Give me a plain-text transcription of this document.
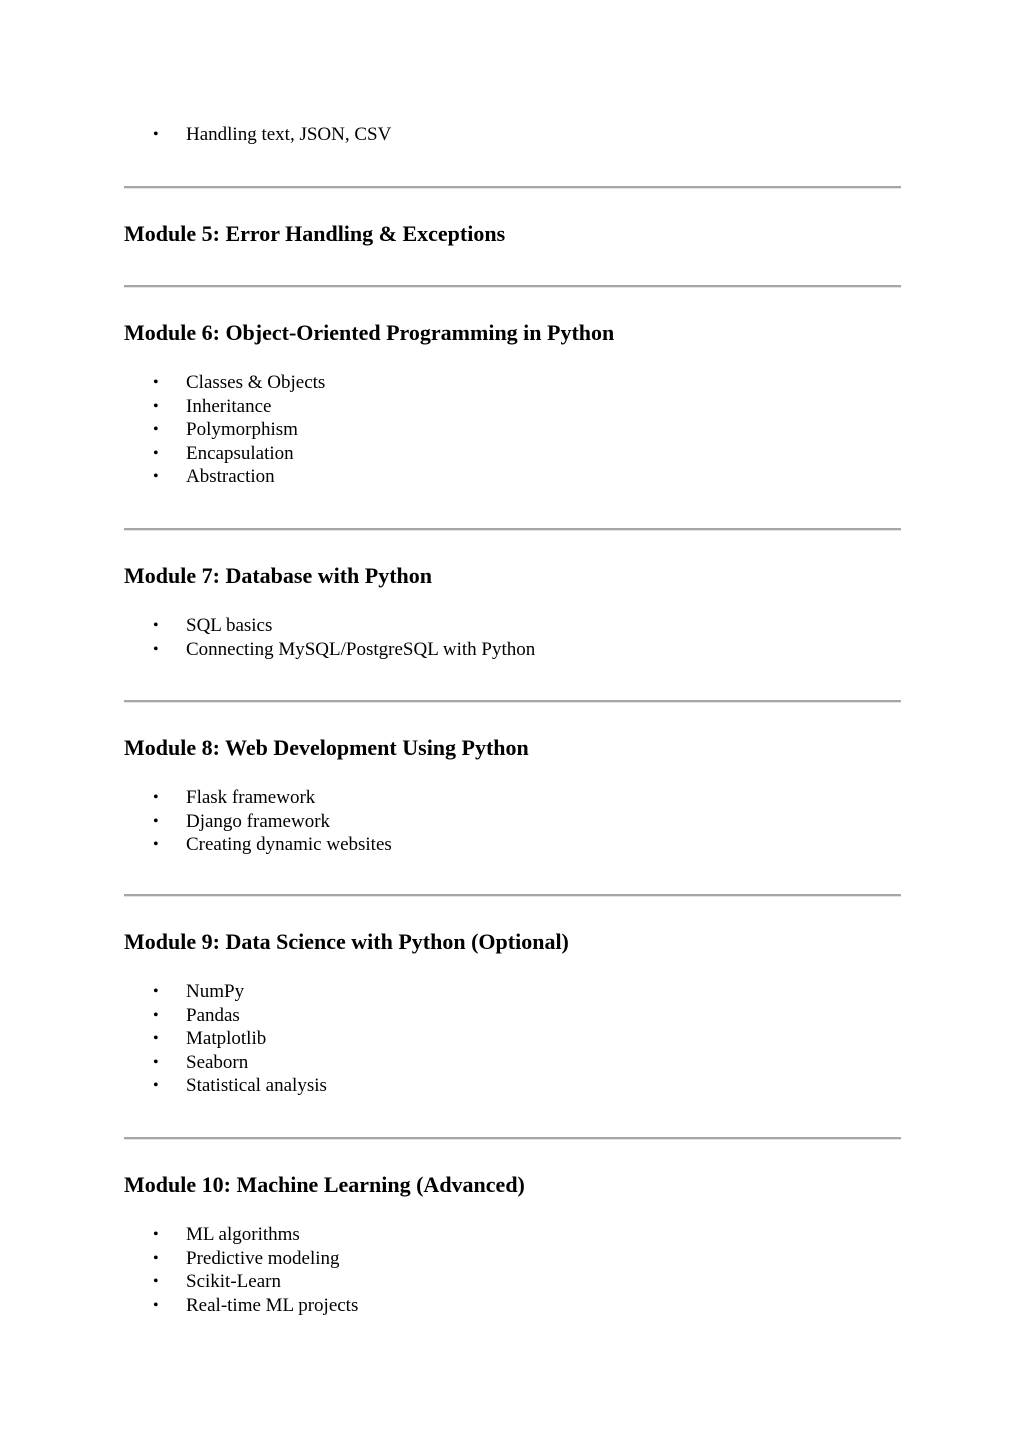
• Handling text, JSON, CSV
Module 5: Error Handling & Exceptions
Module 6: Object-Oriented Programming in Python
• Classes & Objects
• Inheritance
• Polymorphism
• Encapsulation
• Abstraction
Module 7: Database with Python
• SQL basics
• Connecting MySQL/PostgreSQL with Python
Module 8: Web Development Using Python
• Flask framework
• Django framework
• Creating dynamic websites
Module 9: Data Science with Python (Optional)
• NumPy
• Pandas
• Matplotlib
• Seaborn
• Statistical analysis
Module 10: Machine Learning (Advanced)
• ML algorithms
• Predictive modeling
• Scikit-Learn
• Real-time ML projects
